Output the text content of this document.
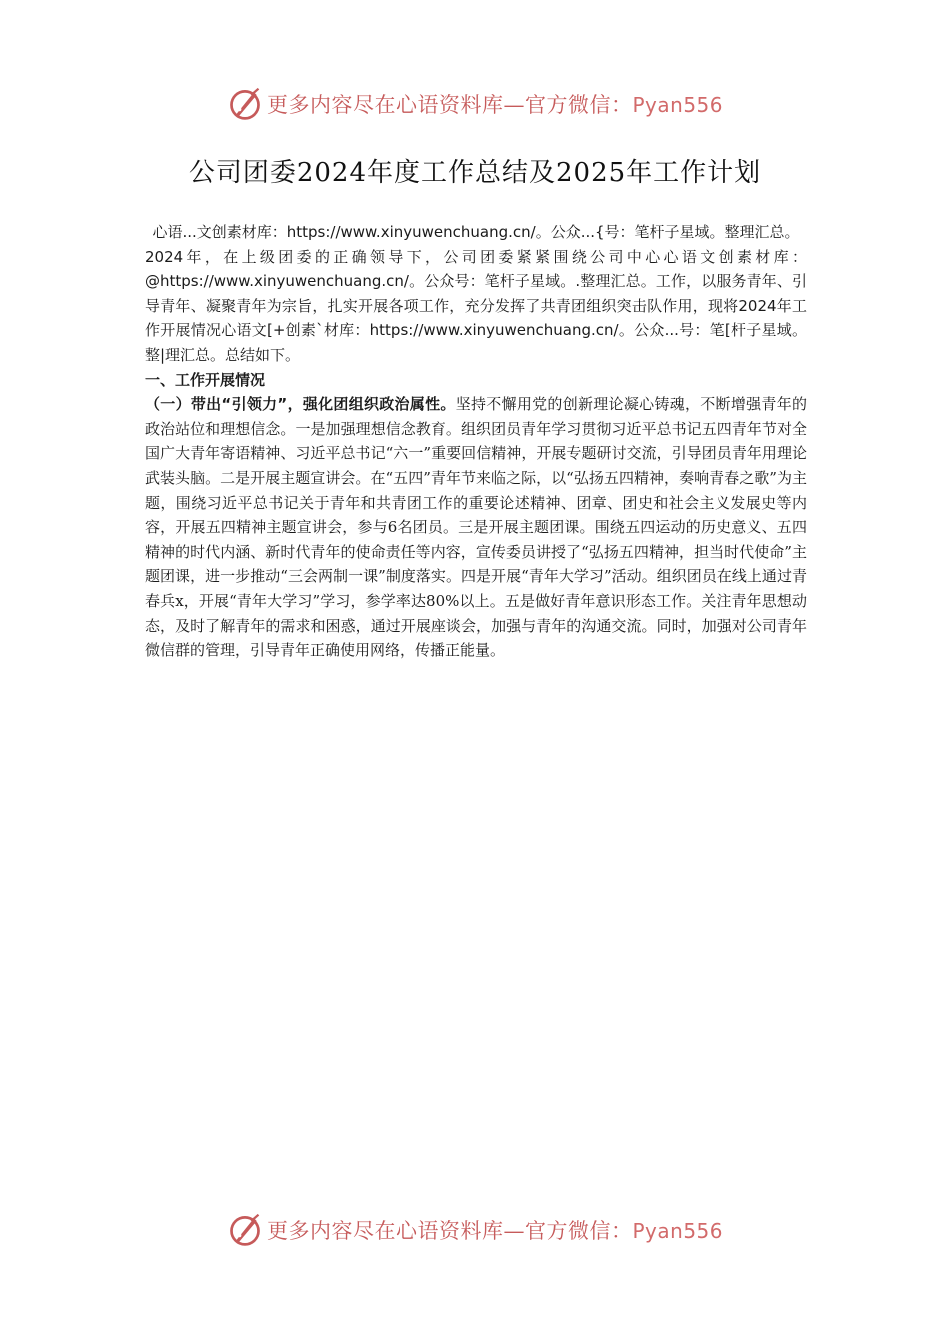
更多内容尽在心语资料库—官方微信：Pyan556
公司团委2024年度工作总结及2025年工作计划

心语...文创素材库：https://www.xinyuwenchuang.cn/。公众...{号：笔杆子星域。整理汇总。

2024年，在上级团委的正确领导下，公司团委紧紧围绕公司中心心语文创素材库：@https://www.xinyuwenchuang.cn/。公众号：笔杆子星域。.整理汇总。工作，以服务青年、引导青年、凝聚青年为宗旨，扎实开展各项工作，充分发挥了共青团组织突击队作用，现将2024年工作开展情况心语文[+创素`材库：https://www.xinyuwenchuang.cn/。公众...号：笔[杆子星域。整|理汇总。总结如下。

一、工作开展情况

（一）带出“引领力”，强化团组织政治属性。坚持不懈用党的创新理论凝心铸魂，不断增强青年的政治站位和理想信念。一是加强理想信念教育。组织团员青年学习贯彻习近平总书记五四青年节对全国广大青年寄语精神、习近平总书记“六一”重要回信精神，开展专题研讨交流，引导团员青年用理论武装头脑。二是开展主题宣讲会。在“五四”青年节来临之际，以“弘扬五四精神，奏响青春之歌”为主题，围绕习近平总书记关于青年和共青团工作的重要论述精神、团章、团史和社会主义发展史等内容，开展五四精神主题宣讲会，参与6名团员。三是开展主题团课。围绕五四运动的历史意义、五四精神的时代内涵、新时代青年的使命责任等内容，宣传委员讲授了“弘扬五四精神，担当时代使命”主题团课，进一步推动“三会两制一课”制度落实。四是开展“青年大学习”活动。组织团员在线上通过青春兵x，开展“青年大学习”学习，参学率达80%以上。五是做好青年意识形态工作。关注青年思想动态，及时了解青年的需求和困惑，通过开展座谈会，加强与青年的沟通交流。同时，加强对公司青年微信群的管理，引导青年正确使用网络，传播正能量。

更多内容尽在心语资料库—官方微信：Pyan556
